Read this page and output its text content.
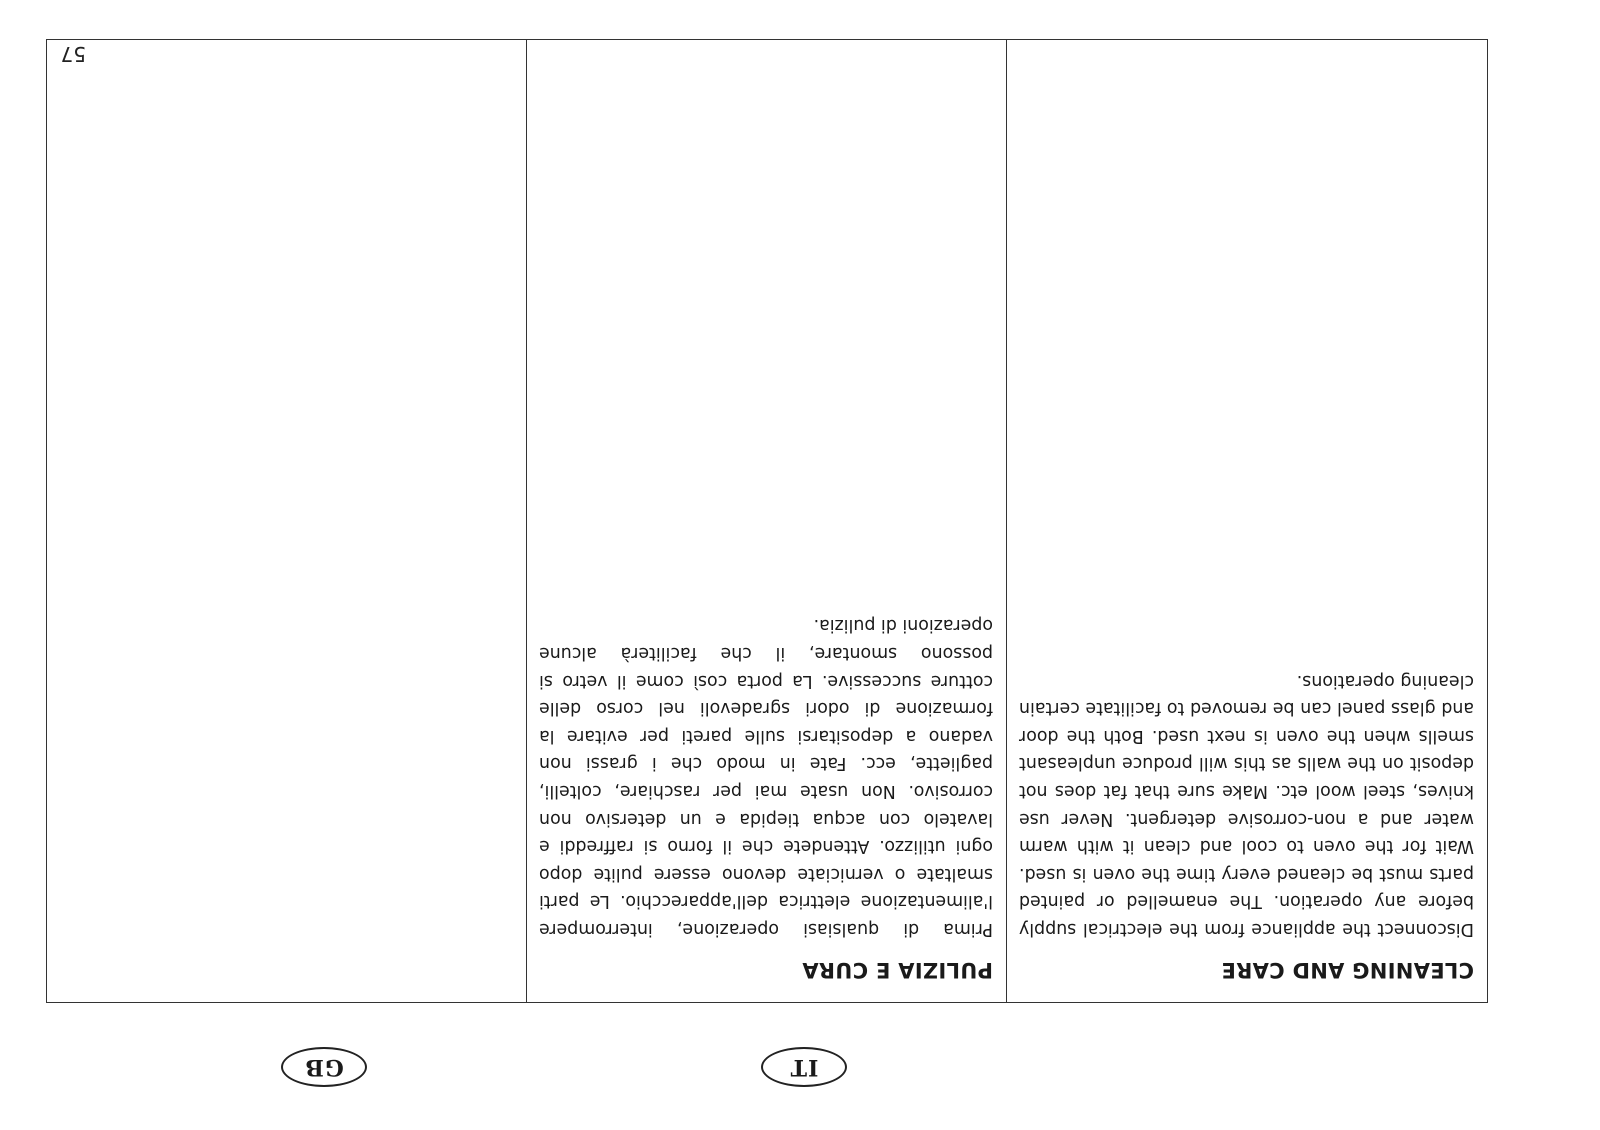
57
GB	IT
CLEANING AND CARE

Disconnect the appliance from the electrical supply before any operation. The enamelled or painted parts must be cleaned every time the oven is used. Wait for the oven to cool and clean it with warm water and a non-corrosive detergent. Never use knives, steel wool etc. Make sure that fat does not deposit on the walls as this will produce unpleasant smells when the oven is next used. Both the door and glass panel can be removed to facilitate certain cleaning operations.

PULIZIA E CURA

Prima di qualsiasi operazione, interrompere l'alimentazione elettrica dell'apparecchio. Le parti smaltate o verniciate devono essere pulite dopo ogni utilizzo. Attendete che il forno si raffreddi e lavatelo con acqua tiepida e un detersivo non corrosivo. Non usate mai per raschiare, coltelli, pagliette, ecc. Fate in modo che i grassi non vadano a depositarsi sulle pareti per evitare la formazione di odori sgradevoli nel corso delle cotture successive. La porta così come il vetro si possono smontare, il che faciliterà alcune operazioni di pulizia.
